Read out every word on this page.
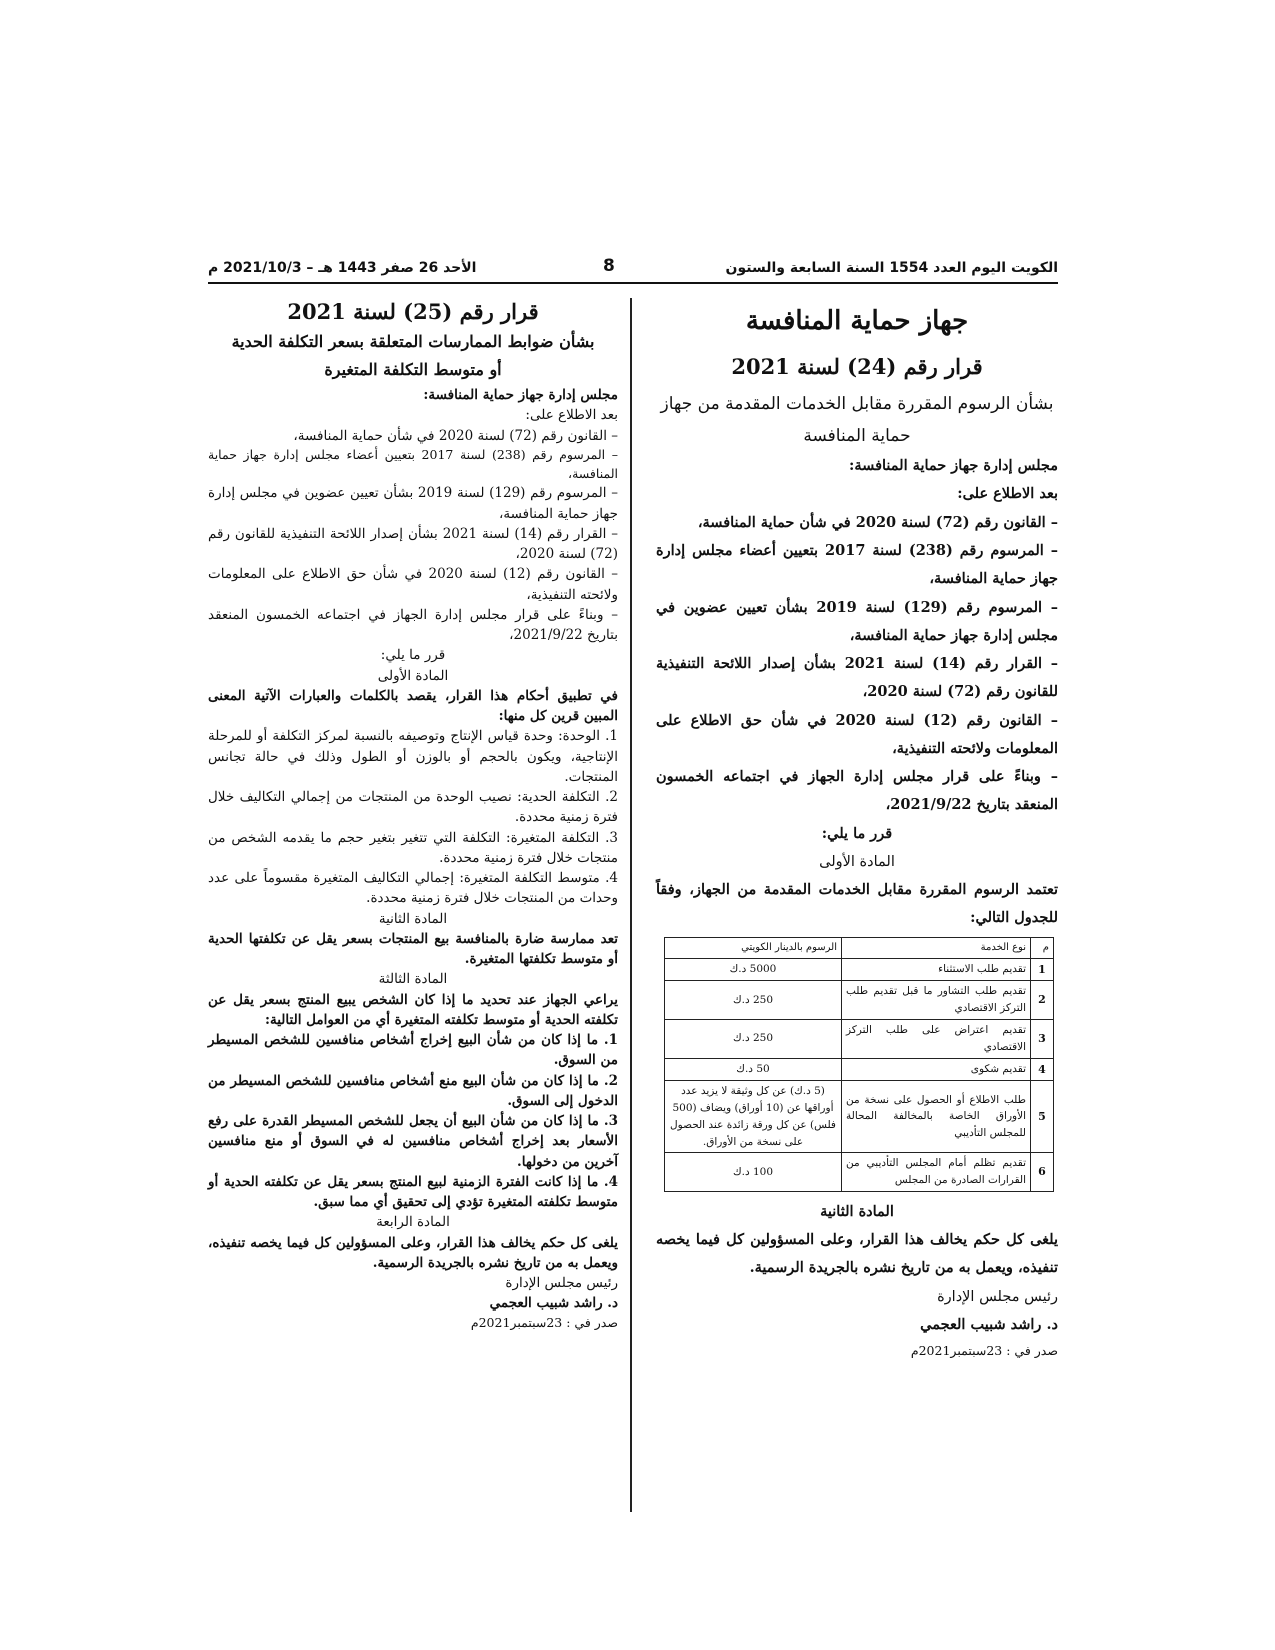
الكويت اليوم العدد 1554 السنة السابعة والستون
8
الأحد 26 صفر 1443 هـ – 2021/10/3 م

جهاز حماية المنافسة

قرار رقم (24) لسنة 2021

بشأن الرسوم المقررة مقابل الخدمات المقدمة من جهاز حماية المنافسة

مجلس إدارة جهاز حماية المنافسة:

بعد الاطلاع على:

– القانون رقم (72) لسنة 2020 في شأن حماية المنافسة،

– المرسوم رقم (238) لسنة 2017 بتعيين أعضاء مجلس إدارة جهاز حماية المنافسة،

– المرسوم رقم (129) لسنة 2019 بشأن تعيين عضوين في مجلس إدارة جهاز حماية المنافسة،

– القرار رقم (14) لسنة 2021 بشأن إصدار اللائحة التنفيذية للقانون رقم (72) لسنة 2020،

– القانون رقم (12) لسنة 2020 في شأن حق الاطلاع على المعلومات ولائحته التنفيذية،

– وبناءً على قرار مجلس إدارة الجهاز في اجتماعه الخمسون المنعقد بتاريخ 2021/9/22،

قرر ما يلي:

المادة الأولى

تعتمد الرسوم المقررة مقابل الخدمات المقدمة من الجهاز، وفقاً للجدول التالي:

م	نوع الخدمة	الرسوم بالدينار الكويتي
1	تقديم طلب الاستثناء	5000 د.ك
2	تقديم طلب التشاور ما قبل تقديم طلب التركز الاقتصادي	250 د.ك
3	تقديم اعتراض على طلب التركز الاقتصادي	250 د.ك
4	تقديم شكوى	50 د.ك
5	طلب الاطلاع أو الحصول على نسخة من الأوراق الخاصة بالمخالفة المحالة للمجلس التأديبي	(5 د.ك) عن كل وثيقة لا يزيد عدد أوراقها عن (10 أوراق) ويضاف (500 فلس) عن كل ورقة زائدة عند الحصول على نسخة من الأوراق.
6	تقديم تظلم أمام المجلس التأديبي من القرارات الصادرة من المجلس	100 د.ك

المادة الثانية

يلغى كل حكم يخالف هذا القرار، وعلى المسؤولين كل فيما يخصه تنفيذه، ويعمل به من تاريخ نشره بالجريدة الرسمية.

رئيس مجلس الإدارة

د. راشد شبيب العجمي

صدر في : 23سبتمبر2021م

قرار رقم (25) لسنة 2021

بشأن ضوابط الممارسات المتعلقة بسعر التكلفة الحدية

أو متوسط التكلفة المتغيرة

مجلس إدارة جهاز حماية المنافسة:

بعد الاطلاع على:

– القانون رقم (72) لسنة 2020 في شأن حماية المنافسة،

– المرسوم رقم (238) لسنة 2017 بتعيين أعضاء مجلس إدارة جهاز حماية المنافسة،

– المرسوم رقم (129) لسنة 2019 بشأن تعيين عضوين في مجلس إدارة جهاز حماية المنافسة،

– القرار رقم (14) لسنة 2021 بشأن إصدار اللائحة التنفيذية للقانون رقم (72) لسنة 2020،

– القانون رقم (12) لسنة 2020 في شأن حق الاطلاع على المعلومات ولائحته التنفيذية،

– وبناءً على قرار مجلس إدارة الجهاز في اجتماعه الخمسون المنعقد بتاريخ 2021/9/22،

قرر ما يلي:

المادة الأولى

في تطبيق أحكام هذا القرار، يقصد بالكلمات والعبارات الآتية المعنى المبين قرين كل منها:

1. الوحدة: وحدة قياس الإنتاج وتوصيفه بالنسبة لمركز التكلفة أو للمرحلة الإنتاجية، ويكون بالحجم أو بالوزن أو الطول وذلك في حالة تجانس المنتجات.

2. التكلفة الحدية: نصيب الوحدة من المنتجات من إجمالي التكاليف خلال فترة زمنية محددة.

3. التكلفة المتغيرة: التكلفة التي تتغير بتغير حجم ما يقدمه الشخص من منتجات خلال فترة زمنية محددة.

4. متوسط التكلفة المتغيرة: إجمالي التكاليف المتغيرة مقسوماً على عدد وحدات من المنتجات خلال فترة زمنية محددة.

المادة الثانية

تعد ممارسة ضارة بالمنافسة بيع المنتجات بسعر يقل عن تكلفتها الحدية أو متوسط تكلفتها المتغيرة.

المادة الثالثة

يراعي الجهاز عند تحديد ما إذا كان الشخص يبيع المنتج بسعر يقل عن تكلفته الحدية أو متوسط تكلفته المتغيرة أي من العوامل التالية:

1. ما إذا كان من شأن البيع إخراج أشخاص منافسين للشخص المسيطر من السوق.

2. ما إذا كان من شأن البيع منع أشخاص منافسين للشخص المسيطر من الدخول إلى السوق.

3. ما إذا كان من شأن البيع أن يجعل للشخص المسيطر القدرة على رفع الأسعار بعد إخراج أشخاص منافسين له في السوق أو منع منافسين آخرين من دخولها.

4. ما إذا كانت الفترة الزمنية لبيع المنتج بسعر يقل عن تكلفته الحدية أو متوسط تكلفته المتغيرة تؤدي إلى تحقيق أي مما سبق.

المادة الرابعة

يلغى كل حكم يخالف هذا القرار، وعلى المسؤولين كل فيما يخصه تنفيذه، ويعمل به من تاريخ نشره بالجريدة الرسمية.

رئيس مجلس الإدارة

د. راشد شبيب العجمي

صدر في : 23سبتمبر2021م
